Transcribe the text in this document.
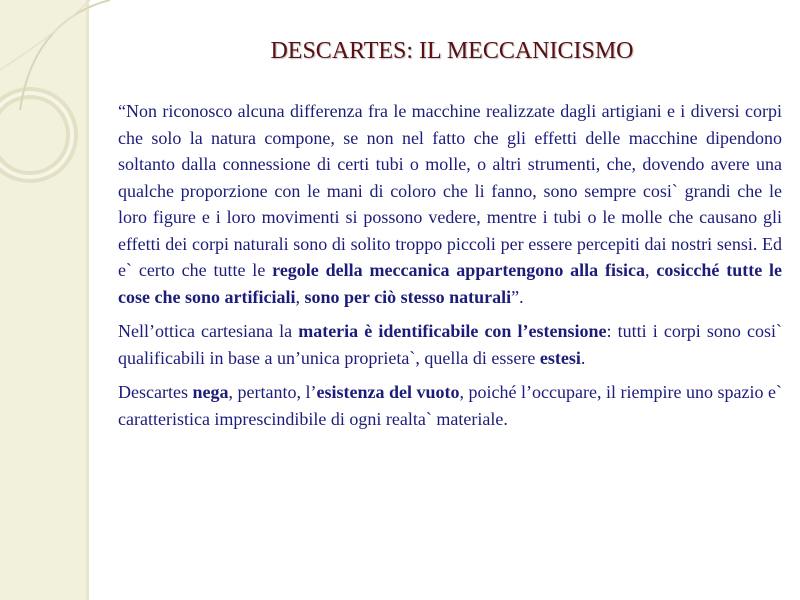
DESCARTES: IL MECCANICISMO

“Non riconosco alcuna differenza fra le macchine realizzate dagli artigiani e i diversi corpi che solo la natura compone, se non nel fatto che gli effetti delle macchine dipendono soltanto dalla connessione di certi tubi o molle, o altri strumenti, che, dovendo avere una qualche proporzione con le mani di coloro che li fanno, sono sempre cosi` grandi che le loro figure e i loro movimenti si possono vedere, mentre i tubi o le molle che causano gli effetti dei corpi naturali sono di solito troppo piccoli per essere percepiti dai nostri sensi. Ed e` certo che tutte le regole della meccanica appartengono alla fisica, cosicché tutte le cose che sono artificiali, sono per ciò stesso naturali”.

Nell’ottica cartesiana la materia è identificabile con l’estensione: tutti i corpi sono cosi` qualificabili in base a un’unica proprieta`, quella di essere estesi.

Descartes nega, pertanto, l’esistenza del vuoto, poiché l’occupare, il riempire uno spazio e` caratteristica imprescindibile di ogni realta` materiale.
